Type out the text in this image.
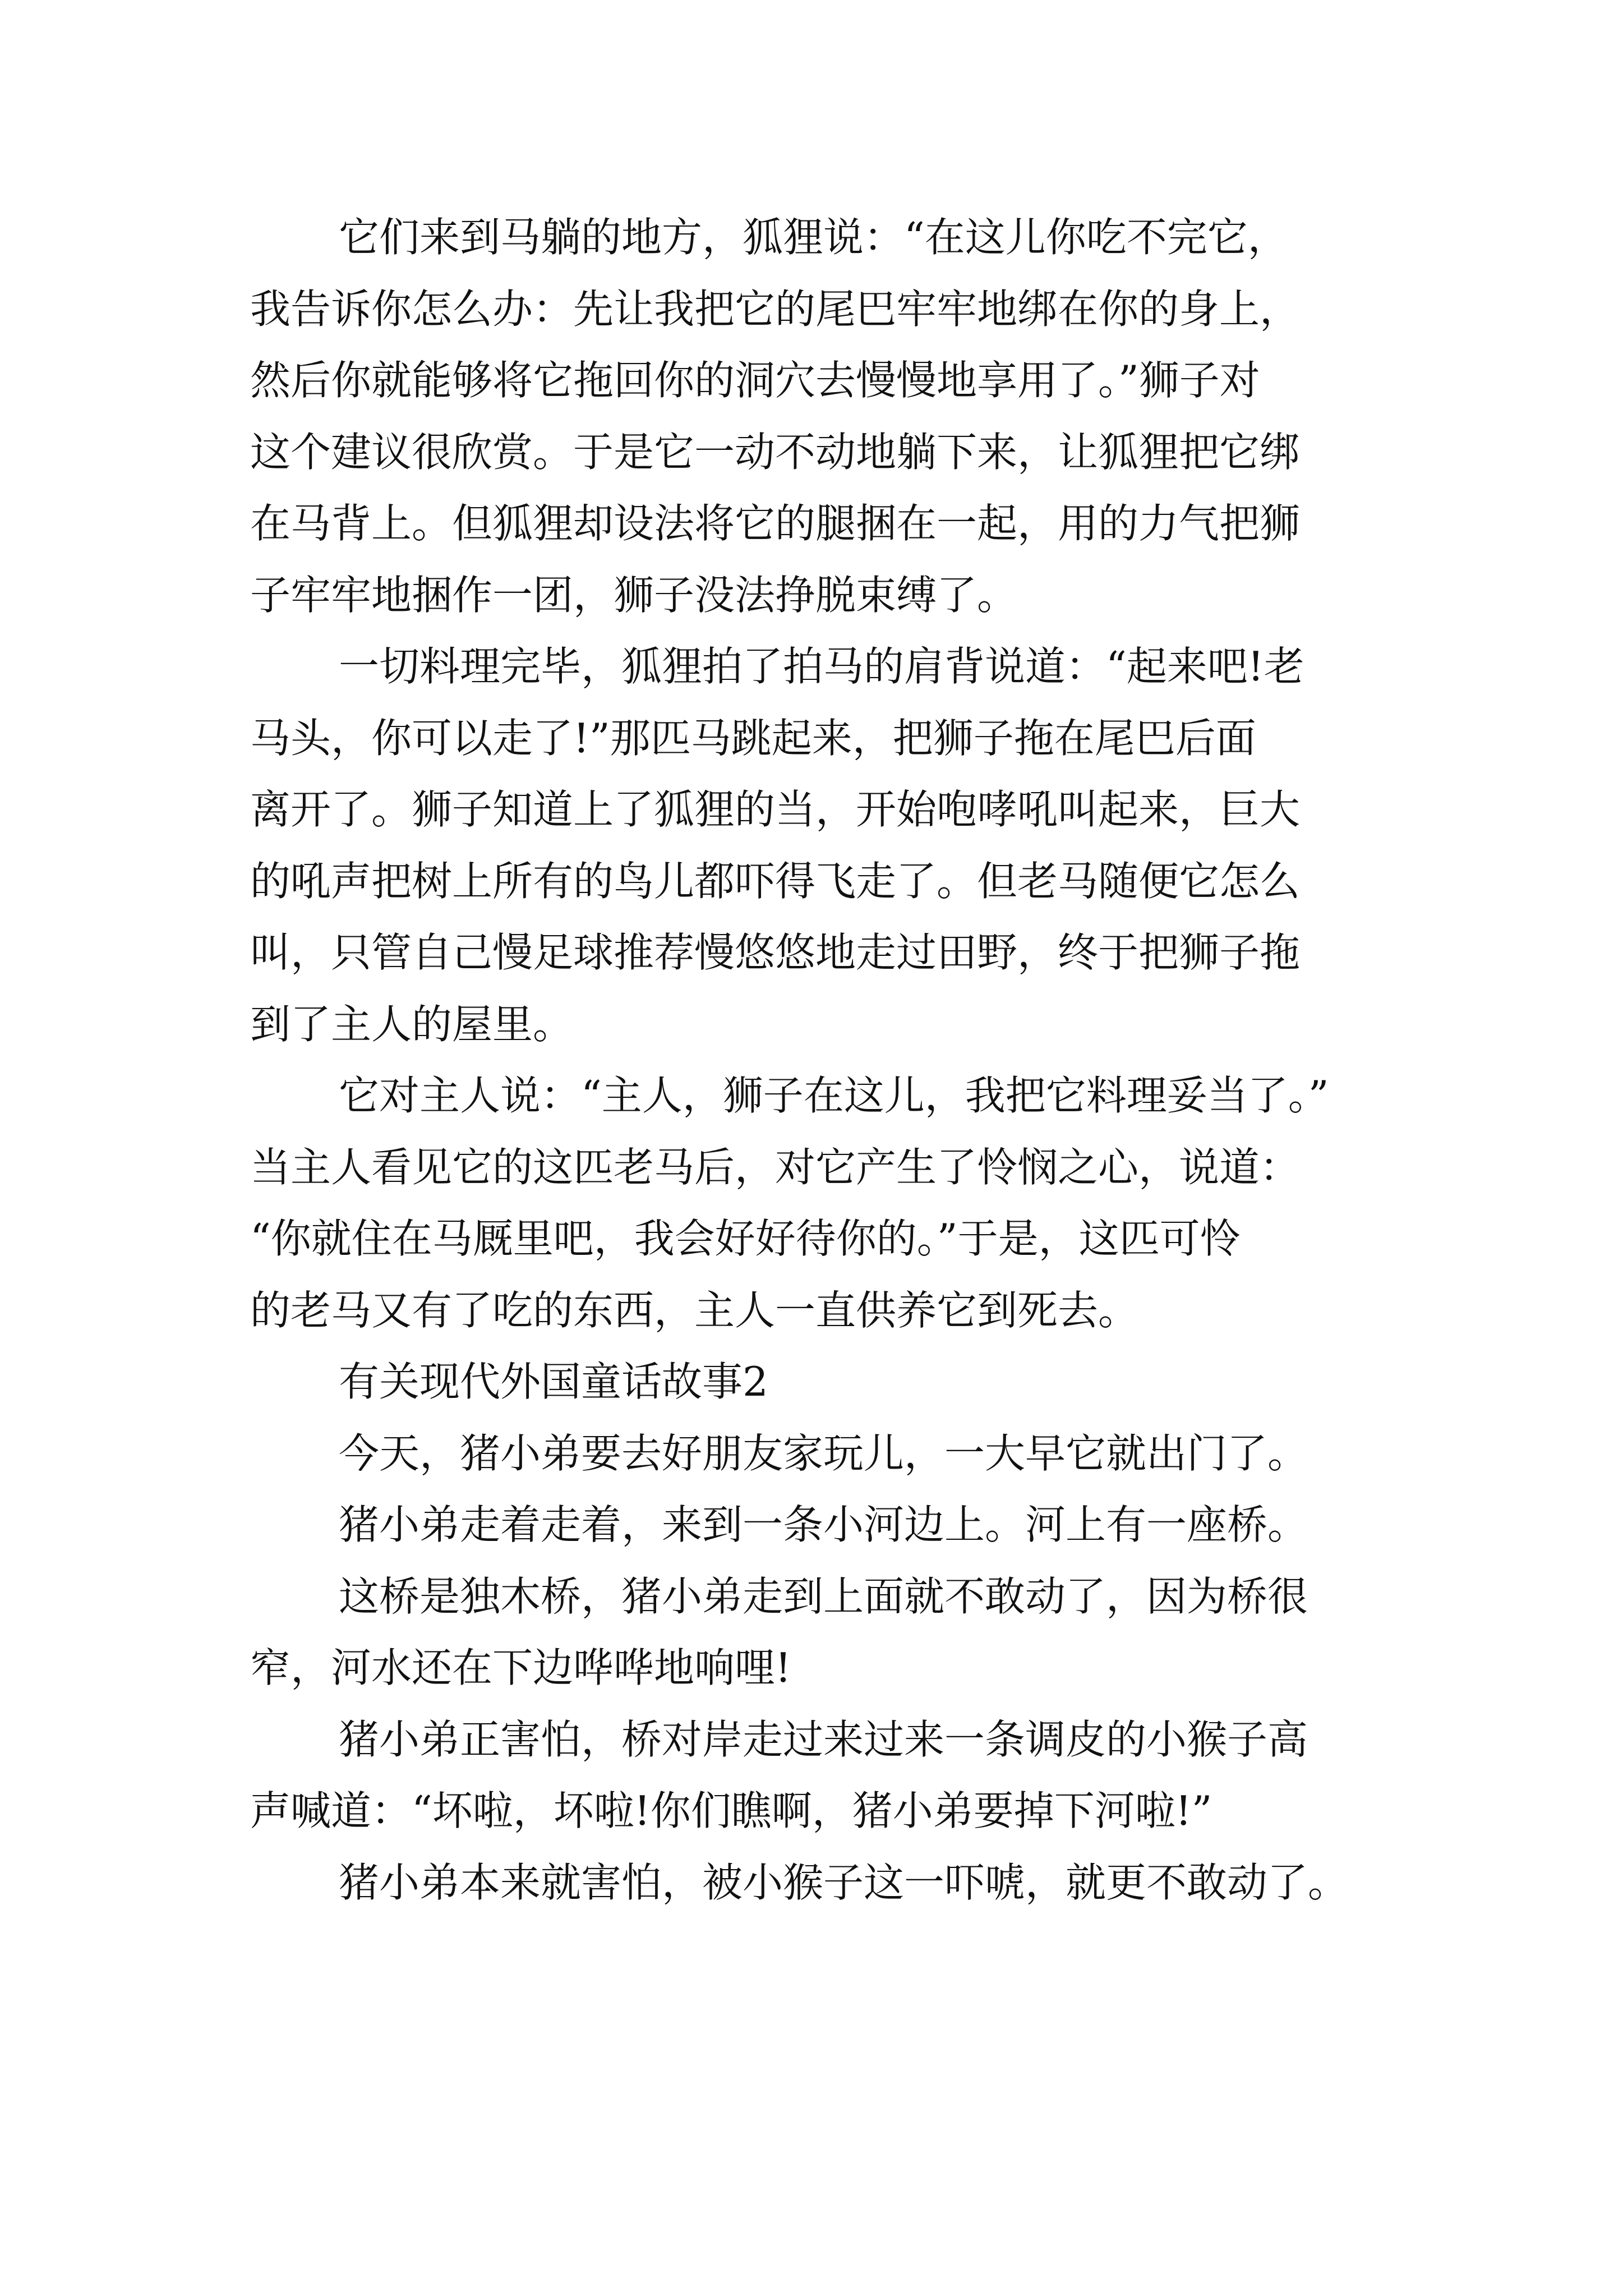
它们来到马躺的地方，狐狸说：“在这儿你吃不完它，
我告诉你怎么办：先让我把它的尾巴牢牢地绑在你的身上，
然后你就能够将它拖回你的洞穴去慢慢地享用了。”狮子对
这个建议很欣赏。于是它一动不动地躺下来，让狐狸把它绑
在马背上。但狐狸却设法将它的腿捆在一起，用的力气把狮
子牢牢地捆作一团，狮子没法挣脱束缚了。
一切料理完毕，狐狸拍了拍马的肩背说道：“起来吧!老
马头，你可以走了!”那匹马跳起来，把狮子拖在尾巴后面
离开了。狮子知道上了狐狸的当，开始咆哮吼叫起来，巨大
的吼声把树上所有的鸟儿都吓得飞走了。但老马随便它怎么
叫，只管自己慢足球推荐慢悠悠地走过田野，终于把狮子拖
到了主人的屋里。
它对主人说：“主人，狮子在这儿，我把它料理妥当了。”
当主人看见它的这匹老马后，对它产生了怜悯之心，说道：
“你就住在马厩里吧，我会好好待你的。”于是，这匹可怜
的老马又有了吃的东西，主人一直供养它到死去。
有关现代外国童话故事2
今天，猪小弟要去好朋友家玩儿，一大早它就出门了。
猪小弟走着走着，来到一条小河边上。河上有一座桥。
这桥是独木桥，猪小弟走到上面就不敢动了，因为桥很
窄，河水还在下边哗哗地响哩!
猪小弟正害怕，桥对岸走过来过来一条调皮的小猴子高
声喊道：“坏啦，坏啦!你们瞧啊，猪小弟要掉下河啦!”
猪小弟本来就害怕，被小猴子这一吓唬，就更不敢动了。
